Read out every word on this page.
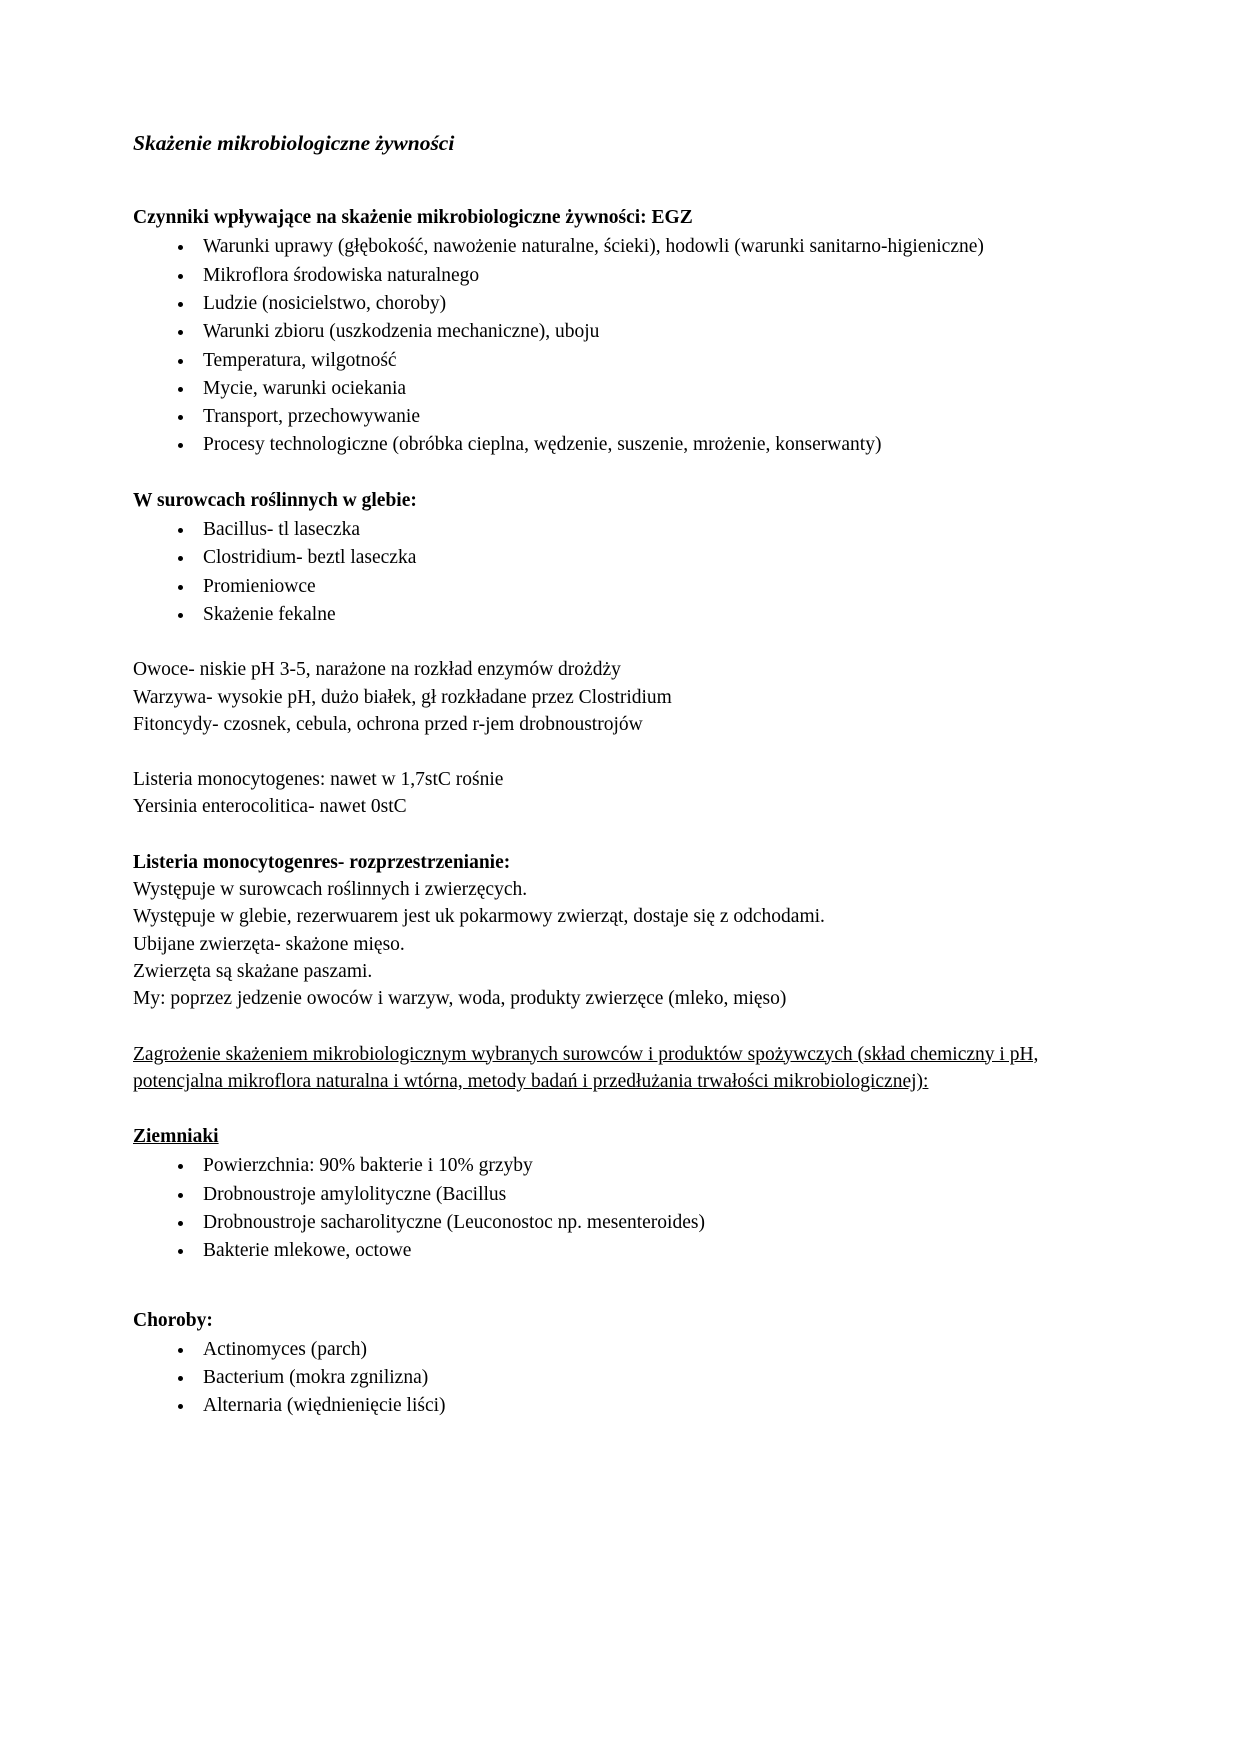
Skażenie mikrobiologiczne żywności

Czynniki wpływające na skażenie mikrobiologiczne żywności: EGZ

• Warunki uprawy (głębokość, nawożenie naturalne, ścieki), hodowli (warunki sanitarno-higieniczne)
• Mikroflora środowiska naturalnego
• Ludzie (nosicielstwo, choroby)
• Warunki zbioru (uszkodzenia mechaniczne), uboju
• Temperatura, wilgotność
• Mycie, warunki ociekania
• Transport, przechowywanie
• Procesy technologiczne (obróbka cieplna, wędzenie, suszenie, mrożenie, konserwanty)

W surowcach roślinnych w glebie:

• Bacillus- tl laseczka
• Clostridium- beztl laseczka
• Promieniowce
• Skażenie fekalne

Owoce- niskie pH 3-5, narażone na rozkład enzymów drożdży

Warzywa- wysokie pH, dużo białek, gł rozkładane przez Clostridium

Fitoncydy- czosnek, cebula, ochrona przed r-jem drobnoustrojów

Listeria monocytogenes: nawet w 1,7stC rośnie

Yersinia enterocolitica- nawet 0stC

Listeria monocytogenres- rozprzestrzenianie:

Występuje w surowcach roślinnych i zwierzęcych.

Występuje w glebie, rezerwuarem jest uk pokarmowy zwierząt, dostaje się z odchodami.

Ubijane zwierzęta- skażone mięso.

Zwierzęta są skażane paszami.

My: poprzez jedzenie owoców i warzyw, woda, produkty zwierzęce (mleko, mięso)

Zagrożenie skażeniem mikrobiologicznym wybranych surowców i produktów spożywczych (skład chemiczny i pH, potencjalna mikroflora naturalna i wtórna, metody badań i przedłużania trwałości mikrobiologicznej):

Ziemniaki

• Powierzchnia: 90% bakterie i 10% grzyby
• Drobnoustroje amylolityczne (Bacillus
• Drobnoustroje sacharolityczne (Leuconostoc np. mesenteroides)
• Bakterie mlekowe, octowe

Choroby:

• Actinomyces (parch)
• Bacterium (mokra zgnilizna)
• Alternaria (więdnienięcie liści)
